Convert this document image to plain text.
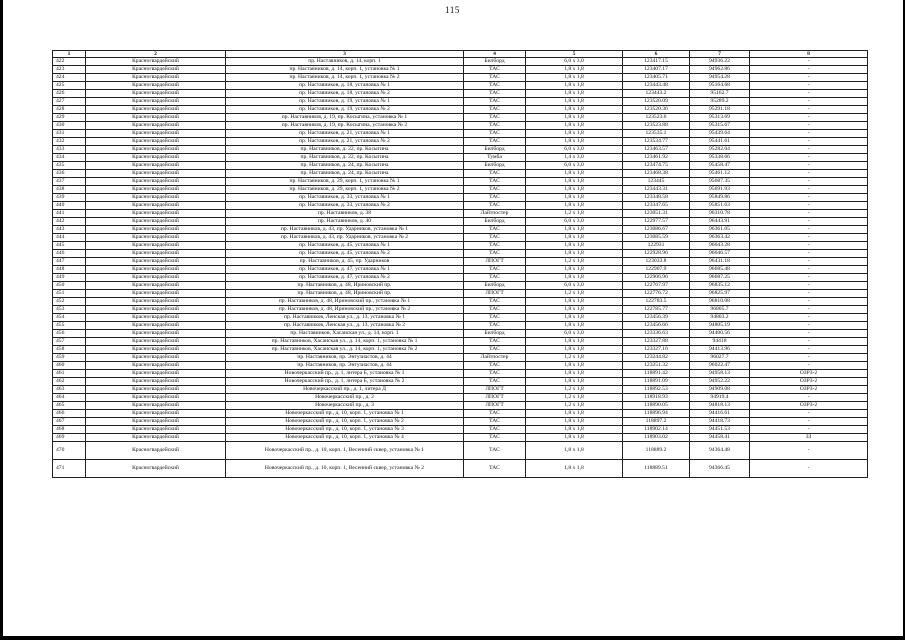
115
1	2	3	4	5	6	7	8
422	Красногвардейский	пр. Наставников, д. 14, корп. 1	Билборд	6,0 x 3,0	123417.15	94936.22	-
423	Красногвардейский	пр. Наставников, д. 14, корп. 1, установка № 1	ТАС	1,8 x 1,8	123407.17	94962.86	-
424	Красногвардейский	пр. Наставников, д. 14, корп. 1, установка № 2	ТАС	1,8 x 1,8	123405.71	94954.28	-
425	Красногвардейский	пр. Наставников, д. 18, установка № 1	ТАС	1,8 x 1,8	123443.48	95164.68	-
426	Красногвардейский	пр. Наставников, д. 18, установка № 2	ТАС	1,8 x 1,8	123443.2	95162.7	-
427	Красногвардейский	пр. Наставников, д. 19, установка № 1	ТАС	1,8 x 1,8	123520.09	95289.2	-
428	Красногвардейский	пр. Наставников, д. 19, установка № 2	ТАС	1,8 x 1,8	123520.36	95291.18	-
429	Красногвардейский	пр. Наставников, д. 19, пр. Косыгина, установка № 1	ТАС	1,8 x 1,8	123523.6	95313.69	-
430	Красногвардейский	пр. Наставников, д. 19, пр. Косыгина, установка № 2	ТАС	1,8 x 1,8	123523.88	95315.67	-
431	Красногвардейский	пр. Наставников, д. 21, установка № 1	ТАС	1,8 x 1,8	123535.1	95439.64	-
432	Красногвардейский	пр. Наставников, д. 21, установка № 2	ТАС	1,8 x 1,8	123534.77	95441.61	-
433	Красногвардейский	пр. Наставников, д. 22, пр. Косыгина	Билборд	6,0 x 3,0	123463.57	95282.04	-
434	Красногвардейский	пр. Наставников, д. 22, пр. Косыгина	Тумба	1,4 x 3,0	123461.92	95338.66	-
435	Красногвардейский	пр. Наставников, д. 24, пр. Косыгина	Билборд	6,0 x 3,0	123474.75	95458.47	-
436	Красногвардейский	пр. Наставников, д. 24, пр. Косыгина	ТАС	1,8 x 1,8	123468.38	95461.12	-
437	Красногвардейский	пр. Наставников, д. 29, корп. 1, установка № 1	ТАС	1,8 x 1,8	123445	95687.35	-
438	Красногвардейский	пр. Наставников, д. 29, корп. 1, установка № 2	ТАС	1,8 x 1,8	123443.31	95691.93	-
439	Красногвардейский	пр. Наставников, д. 33, установка № 1	ТАС	1,8 x 1,8	123348.58	95849.86	-
440	Красногвардейский	пр. Наставников, д. 33, установка № 2	ТАС	1,8 x 1,8	123347.65	95851.63	-
441	Красногвардейский	пр. Наставников, д. 38	Лайтпостер	1,2 x 1,8	123051.31	96310.78	-
442	Красногвардейский	пр. Наставников, д. 40	Билборд	6,0 x 3,0	122977.57	96443.91	-
443	Красногвардейский	пр. Наставников, д. 43, пр. Ударников, установка № 1	ТАС	1,8 x 1,8	123086.67	96361.05	-
444	Красногвардейский	пр. Наставников, д. 43, пр. Ударников, установка № 2	ТАС	1,8 x 1,8	123085.59	96363.42	-
445	Красногвардейский	пр. Наставников, д. 45, установка № 1	ТАС	1,8 x 1,8	122931	96643.28	-
446	Красногвардейский	пр. Наставников, д. 45, установка № 2	ТАС	1,8 x 1,8	122928.96	96646.57	-
447	Красногвардейский	пр. Наставников, д. 45, пр. Ударников	ЛПОГТ	1,2 x 1,8	123033.8	96431.18	-
448	Красногвардейский	пр. Наставников, д. 47, установка № 1	ТАС	1,8 x 1,8	122907.9	96685.48	-
449	Красногвардейский	пр. Наставников, д. 47, установка № 2	ТАС	1,8 x 1,8	122906.96	96687.25	-
450	Красногвардейский	пр. Наставников, д. 48, Ириновский пр.	Билборд	6,0 x 3,0	122767.97	96835.12	-
451	Красногвардейский	пр. Наставников, д. 48, Ириновский пр.	ЛПОГТ	1,2 x 1,8	122776.72	96825.97	-
452	Красногвардейский	пр. Наставников, д. 48, Ириновский пр., установка № 1	ТАС	1,8 x 1,8	122783.5	96810.08	-
453	Красногвардейский	пр. Наставников, д. 48, Ириновский пр., установка № 2	ТАС	1,8 x 1,8	122785.77	96805.7	-
454	Красногвардейский	пр. Наставников, Ленская ул., д. 13, установка № 1	ТАС	1,8 x 1,8	123456.39	94803.2	-
455	Красногвардейский	пр. Наставников, Ленская ул., д. 13, установка № 2	ТАС	1,8 x 1,8	123456.66	94805.19	-
456	Красногвардейский	пр. Наставников, Хасанская ул., д. 14, корп. 1	Билборд	6,0 x 3,0	123336.63	94400.56	-
457	Красногвардейский	пр. Наставников, Хасанская ул., д. 14, корп. 1, установка № 1	ТАС	1,8 x 1,8	123327.88	94418	-
458	Красногвардейский	пр. Наставников, Хасанская ул., д. 14, корп. 1, установка № 2	ТАС	1,8 x 1,8	123327.16	94413.96	-
459	Красногвардейский	пр. Наставников, пр. Энтузиастов, д. 44	Лайтпостер	1,2 x 1,8	123244.82	96027.7	-
460	Красногвардейский	пр. Наставников, пр. Энтузиастов, д. 44	ТАС	1,8 x 1,8	123251.32	96022.47	-
461	Красногвардейский	Новочеркасский пр., д. 1, литера Б, установка № 1	ТАС	1,8 x 1,8	118891.42	94958.13	ОЗРЗ-2
462	Красногвардейский	Новочеркасский пр., д. 1, литера Б, установка № 2	ТАС	1,8 x 1,8	118891.09	94952.22	ОЗРЗ-2
463	Красногвардейский	Новочеркасский пр., д. 1, литера Д	ЛПОГТ	1,2 x 1,8	118892.53	94909.08	ОЗРЗ-2
464	Красногвардейский	Новочеркасский пр., д. 2	ЛПОГТ	1,2 x 1,8	118918.93	94919.4	-
465	Красногвардейский	Новочеркасский пр., д. 3	ЛПОГТ	1,2 x 1,8	118890.05	94818.13	ОЗРЗ-2
466	Красногвардейский	Новочеркасский пр., д. 10, корп. 1, установка № 1	ТАС	1,8 x 1,8	118896.94	94416.61	-
467	Красногвардейский	Новочеркасский пр., д. 10, корп. 1, установка № 2	ТАС	1,8 x 1,8	118897.2	94418.73	-
468	Красногвардейский	Новочеркасский пр., д. 10, корп. 1, установка № 3	ТАС	1,8 x 1,8	118902.14	94451.53	-
469	Красногвардейский	Новочеркасский пр., д. 10, корп. 1, установка № 4	ТАС	1,8 x 1,8	118903.02	94458.41	ЗЗ
470	Красногвардейский	Новочеркасский пр., д. 10, корп. 1, Весенний сквер, установка № 1	ТАС	1,8 x 1,8	118889.2	94364.48	-
471	Красногвардейский	Новочеркасский пр., д. 10, корп. 1, Весенний сквер, установка № 2	ТАС	1,8 x 1,8	118889.51	94366.45	-
